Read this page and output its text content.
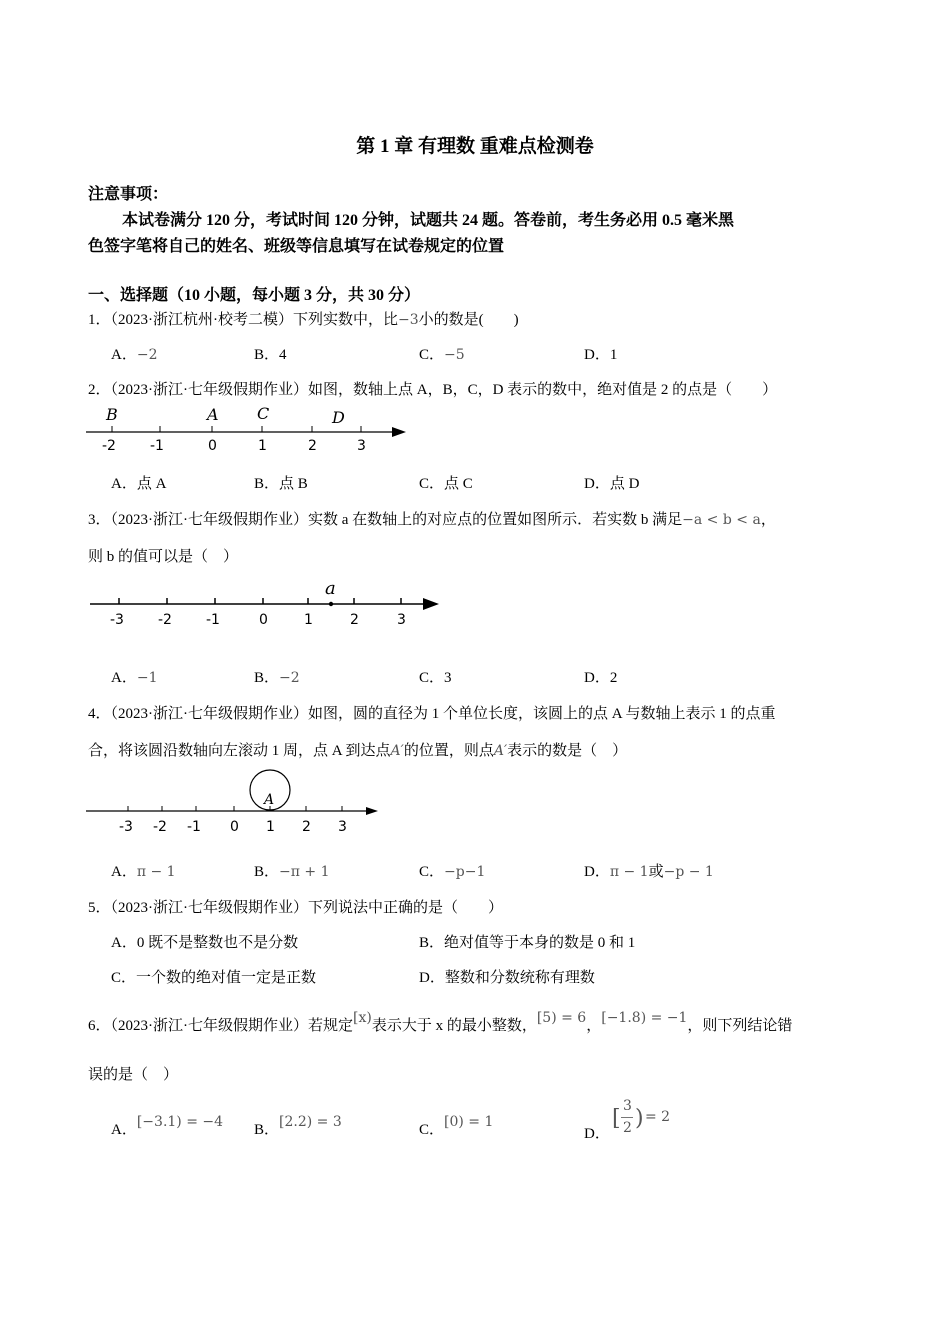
第 1 章 有理数 重难点检测卷
注意事项：
本试卷满分 120 分，考试时间 120 分钟，试题共 24 题。答卷前，考生务必用 0.5 毫米黑
色签字笔将自己的姓名、班级等信息填写在试卷规定的位置
一、选择题（10 小题，每小题 3 分，共 30 分）
1．（2023·浙江杭州·校考二模）下列实数中，比−3小的数是(　　)
A．−2	B．4	C．−5	D．1
2．（2023·浙江·七年级假期作业）如图，数轴上点 A，B，C，D 表示的数中，绝对值是 2 的点是（　　）
-2 -1	0	1	2	3
B	A C	D
A．点 A	B．点 B	C．点 C	D．点 D
3．（2023·浙江·七年级假期作业）实数 a 在数轴上的对应点的位置如图所示．若实数 b 满足−a < b < a，
则 b 的值可以是（　）
-3 -2 -1	0	1	2	3
a
A．−1	B．−2	C．3	D．2
4．（2023·浙江·七年级假期作业）如图，圆的直径为 1 个单位长度，该圆上的点 A 与数轴上表示 1 的点重
合，将该圆沿数轴向左滚动 1 周，点 A 到达点A′的位置，则点A′表示的数是（　）
-3 -2 -1 0 1 2 3
A
A．π − 1	B．−π + 1	C．−p−1	D．π − 1或−p − 1
5．（2023·浙江·七年级假期作业）下列说法中正确的是（　　）
A．0 既不是整数也不是分数	B．绝对值等于本身的数是 0 和 1
C．一个数的绝对值一定是正数	D．整数和分数统称有理数
6．（2023·浙江·七年级假期作业）若规定[x)表示大于 x 的最小整数，[5) = 6，[−1.8) = −1，则下列结论错
误的是（　）
A．[−3.1) = −4 B．[2.2) = 3	C．[0) = 1
D．
[ 3
2 ) = 2
